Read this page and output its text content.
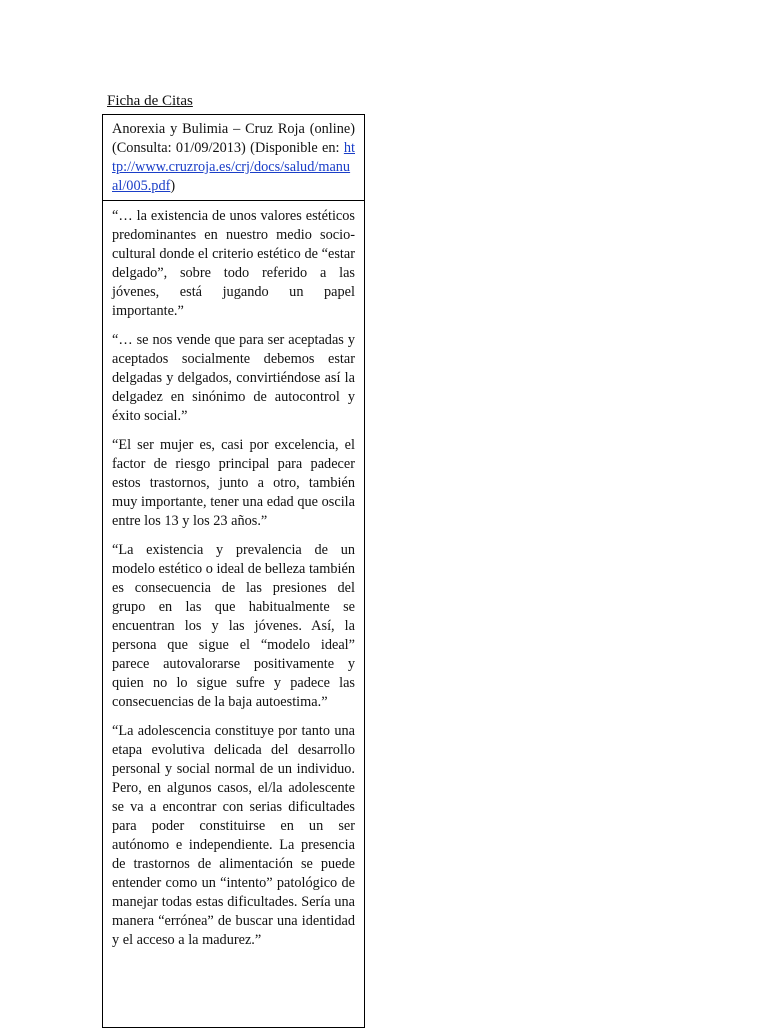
Ficha de Citas
Anorexia y Bulimia – Cruz Roja (online) (Consulta: 01/09/2013) (Disponible en: http://www.cruzroja.es/crj/docs/salud/manual/005.pdf)

“… la existencia de unos valores estéticos predominantes en nuestro medio socio-cultural donde el criterio estético de “estar delgado”, sobre todo referido a las jóvenes, está jugando un papel importante.”

“… se nos vende que para ser aceptadas y aceptados socialmente debemos estar delgadas y delgados, convirtiéndose así la delgadez en sinónimo de autocontrol y éxito social.”

“El ser mujer es, casi por excelencia, el factor de riesgo principal para padecer estos trastornos, junto a otro, también muy importante, tener una edad que oscila entre los 13 y los 23 años.”

“La existencia y prevalencia de un modelo estético o ideal de belleza también es consecuencia de las presiones del grupo en las que habitualmente se encuentran los y las jóvenes. Así, la persona que sigue el “modelo ideal” parece autovalorarse positivamente y quien no lo sigue sufre y padece las consecuencias de la baja autoestima.”

“La adolescencia constituye por tanto una etapa evolutiva delicada del desarrollo personal y social normal de un individuo. Pero, en algunos casos, el/la adolescente se va a encontrar con serias dificultades para poder constituirse en un ser autónomo e independiente. La presencia de trastornos de alimentación se puede entender como un “intento” patológico de manejar todas estas dificultades. Sería una manera “errónea” de buscar una identidad y el acceso a la madurez.”
